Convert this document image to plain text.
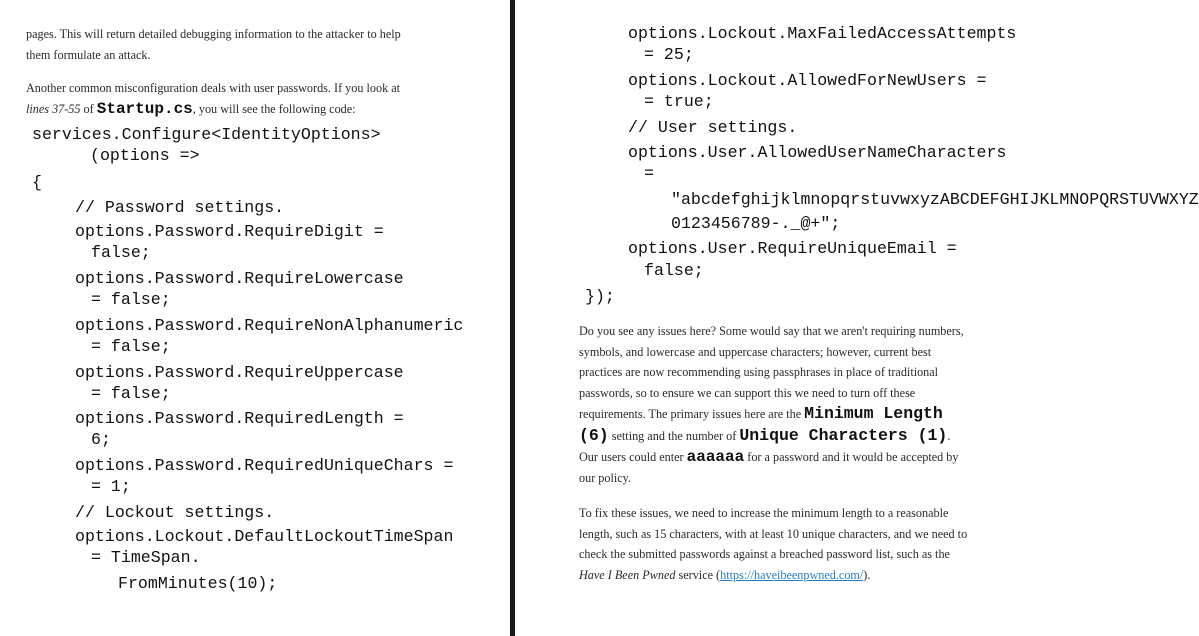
pages. This will return detailed debugging information to the attacker to help
them formulate an attack.
Another common misconfiguration deals with user passwords. If you look at
lines 37-55 of Startup.cs, you will see the following code:

services.Configure<IdentityOptions>

(options =>

{

// Password settings.

options.Password.RequireDigit =

false;

options.Password.RequireLowercase

= false;

options.Password.RequireNonAlphanumeric

= false;

options.Password.RequireUppercase

= false;

options.Password.RequiredLength =

6;

options.Password.RequiredUniqueChars =

= 1;

// Lockout settings.

options.Lockout.DefaultLockoutTimeSpan

= TimeSpan.

FromMinutes(10);

options.Lockout.MaxFailedAccessAttempts

= 25;

options.Lockout.AllowedForNewUsers =

= true;

// User settings.

options.User.AllowedUserNameCharacters

=

"abcdefghijklmnopqrstuvwxyzABCDEFGHIJKLMNOPQRSTUVWXYZ

0123456789-._@+";

options.User.RequireUniqueEmail =

false;

});

Do you see any issues here? Some would say that we aren't requiring numbers,
symbols, and lowercase and uppercase characters; however, current best
practices are now recommending using passphrases in place of traditional
passwords, so to ensure we can support this we need to turn off these
requirements. The primary issues here are the Minimum Length
(6) setting and the number of Unique Characters (1).
Our users could enter aaaaaa for a password and it would be accepted by
our policy.
To fix these issues, we need to increase the minimum length to a reasonable
length, such as 15 characters, with at least 10 unique characters, and we need to
check the submitted passwords against a breached password list, such as the
Have I Been Pwned service (https://haveibeenpwned.com/).
